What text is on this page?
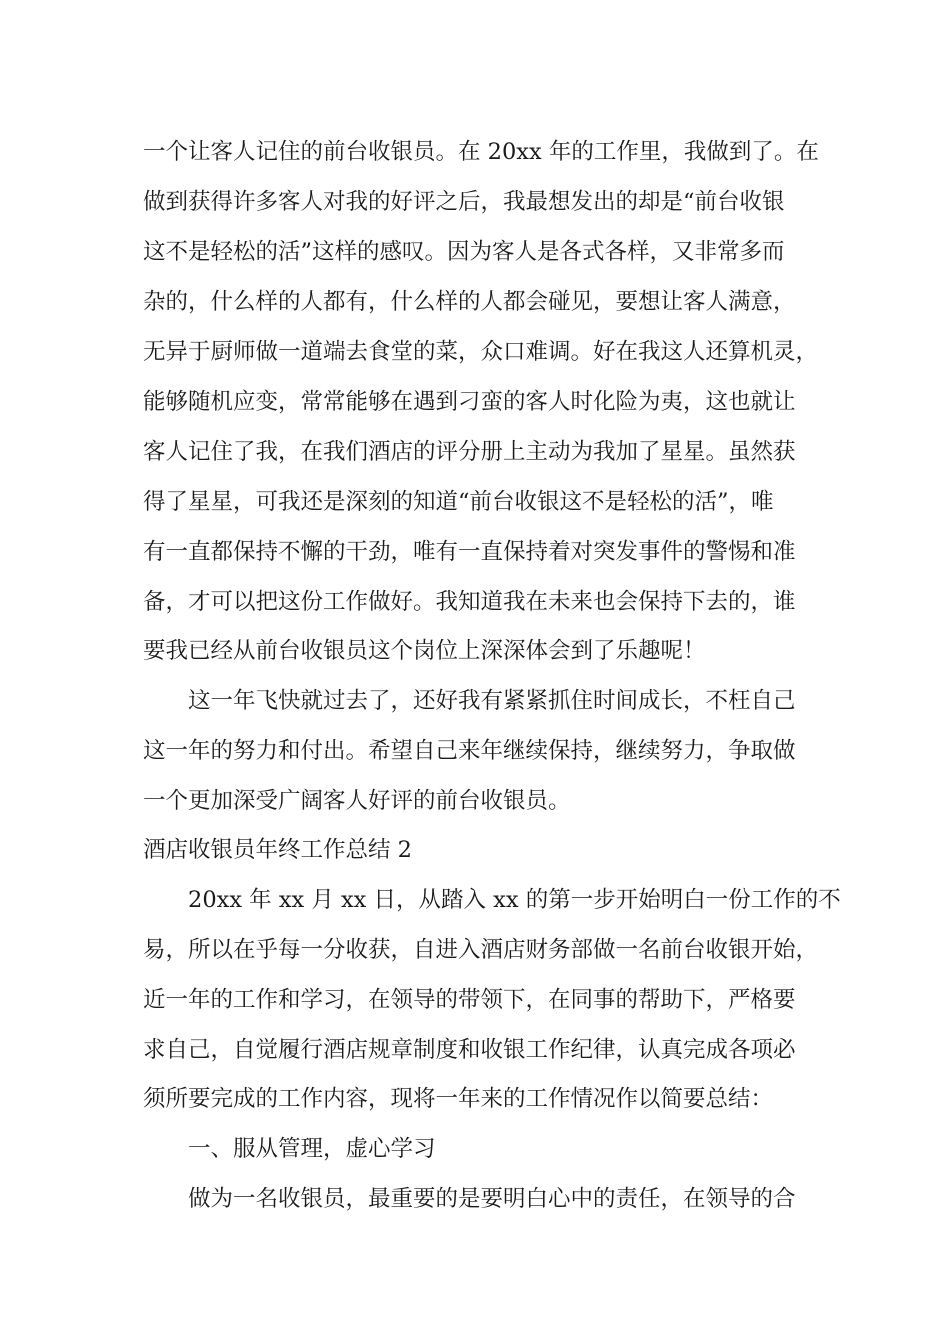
一个让客人记住的前台收银员。在 20xx 年的工作里，我做到了。在
做到获得许多客人对我的好评之后，我最想发出的却是“前台收银
这不是轻松的活”这样的感叹。因为客人是各式各样，又非常多而
杂的，什么样的人都有，什么样的人都会碰见，要想让客人满意，
无异于厨师做一道端去食堂的菜，众口难调。好在我这人还算机灵，
能够随机应变，常常能够在遇到刁蛮的客人时化险为夷，这也就让
客人记住了我，在我们酒店的评分册上主动为我加了星星。虽然获
得了星星，可我还是深刻的知道“前台收银这不是轻松的活”，唯
有一直都保持不懈的干劲，唯有一直保持着对突发事件的警惕和准
备，才可以把这份工作做好。我知道我在未来也会保持下去的，谁
要我已经从前台收银员这个岗位上深深体会到了乐趣呢！
这一年飞快就过去了，还好我有紧紧抓住时间成长，不枉自己
这一年的努力和付出。希望自己来年继续保持，继续努力，争取做
一个更加深受广阔客人好评的前台收银员。
酒店收银员年终工作总结 2
20xx 年 xx 月 xx 日，从踏入 xx 的第一步开始明白一份工作的不
易，所以在乎每一分收获，自进入酒店财务部做一名前台收银开始，
近一年的工作和学习，在领导的带领下，在同事的帮助下，严格要
求自己，自觉履行酒店规章制度和收银工作纪律，认真完成各项必
须所要完成的工作内容，现将一年来的工作情况作以简要总结：
一、服从管理，虚心学习
做为一名收银员，最重要的是要明白心中的责任，在领导的合
